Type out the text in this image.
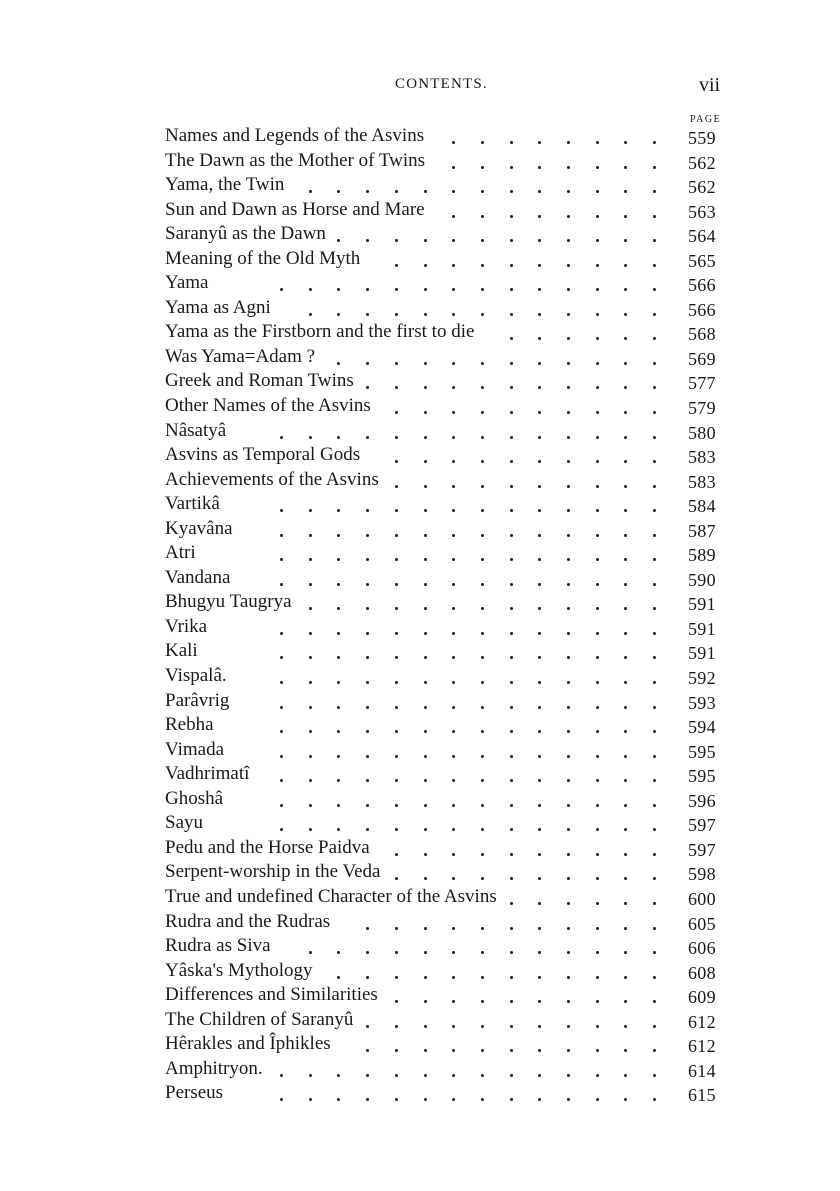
CONTENTS.	vii
PAGE
Names and Legends of the Asvins	559
The Dawn as the Mother of Twins	562
Yama, the Twin	562
Sun and Dawn as Horse and Mare	563
Saranyû as the Dawn	564
Meaning of the Old Myth	565
Yama	566
Yama as Agni	566
Yama as the Firstborn and the first to die	568
Was Yama=Adam ?	569
Greek and Roman Twins	577
Other Names of the Asvins	579
Nâsatyâ	580
Asvins as Temporal Gods	583
Achievements of the Asvins	583
Vartikâ	584
Kyavâna	587
Atri	589
Vandana	590
Bhugyu Taugrya	591
Vrika	591
Kali	591
Vispalâ.	592
Parâvrig	593
Rebha	594
Vimada	595
Vadhrimatî	595
Ghoshâ	596
Sayu	597
Pedu and the Horse Paidva	597
Serpent-worship in the Veda	598
True and undefined Character of the Asvins	600
Rudra and the Rudras	605
Rudra as Siva	606
Yâska's Mythology	608
Differences and Similarities	609
The Children of Saranyû	612
Hêrakles and Îphikles	612
Amphitryon.	614
Perseus	615
